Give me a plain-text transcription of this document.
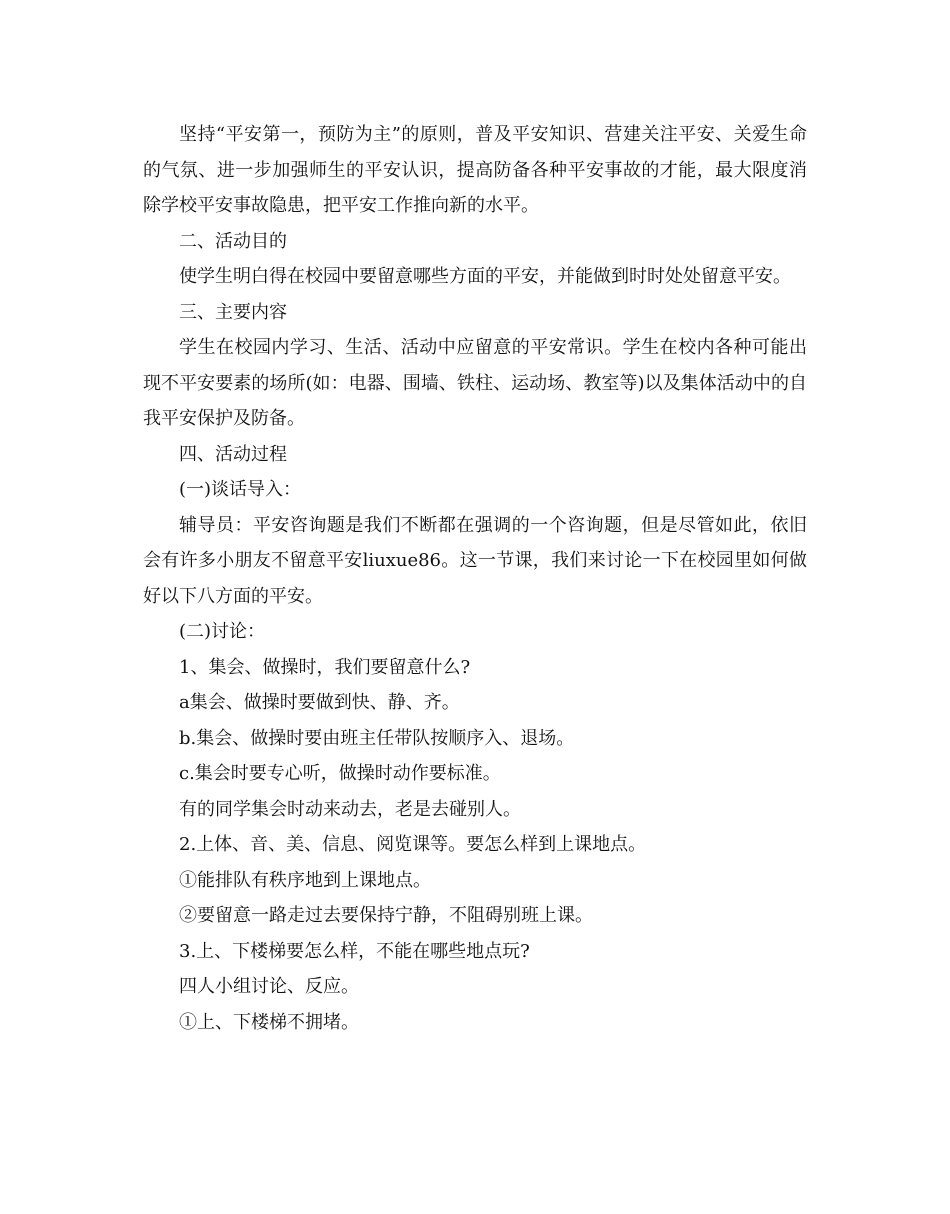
坚持“平安第一，预防为主”的原则，普及平安知识、营建关注平安、关爱生命的气氛、进一步加强师生的平安认识，提高防备各种平安事故的才能，最大限度消除学校平安事故隐患，把平安工作推向新的水平。

二、活动目的

使学生明白得在校园中要留意哪些方面的平安，并能做到时时处处留意平安。

三、主要内容

学生在校园内学习、生活、活动中应留意的平安常识。学生在校内各种可能出现不平安要素的场所(如：电器、围墙、铁柱、运动场、教室等)以及集体活动中的自我平安保护及防备。

四、活动过程

(一)谈话导入：

辅导员：平安咨询题是我们不断都在强调的一个咨询题，但是尽管如此，依旧会有许多小朋友不留意平安liuxue86。这一节课，我们来讨论一下在校园里如何做好以下八方面的平安。

(二)讨论：

1、集会、做操时，我们要留意什么?

a集会、做操时要做到快、静、齐。

b.集会、做操时要由班主任带队按顺序入、退场。

c.集会时要专心听，做操时动作要标准。

有的同学集会时动来动去，老是去碰别人。

2.上体、音、美、信息、阅览课等。要怎么样到上课地点。

①能排队有秩序地到上课地点。

②要留意一路走过去要保持宁静，不阻碍别班上课。

3.上、下楼梯要怎么样，不能在哪些地点玩?

四人小组讨论、反应。

①上、下楼梯不拥堵。
